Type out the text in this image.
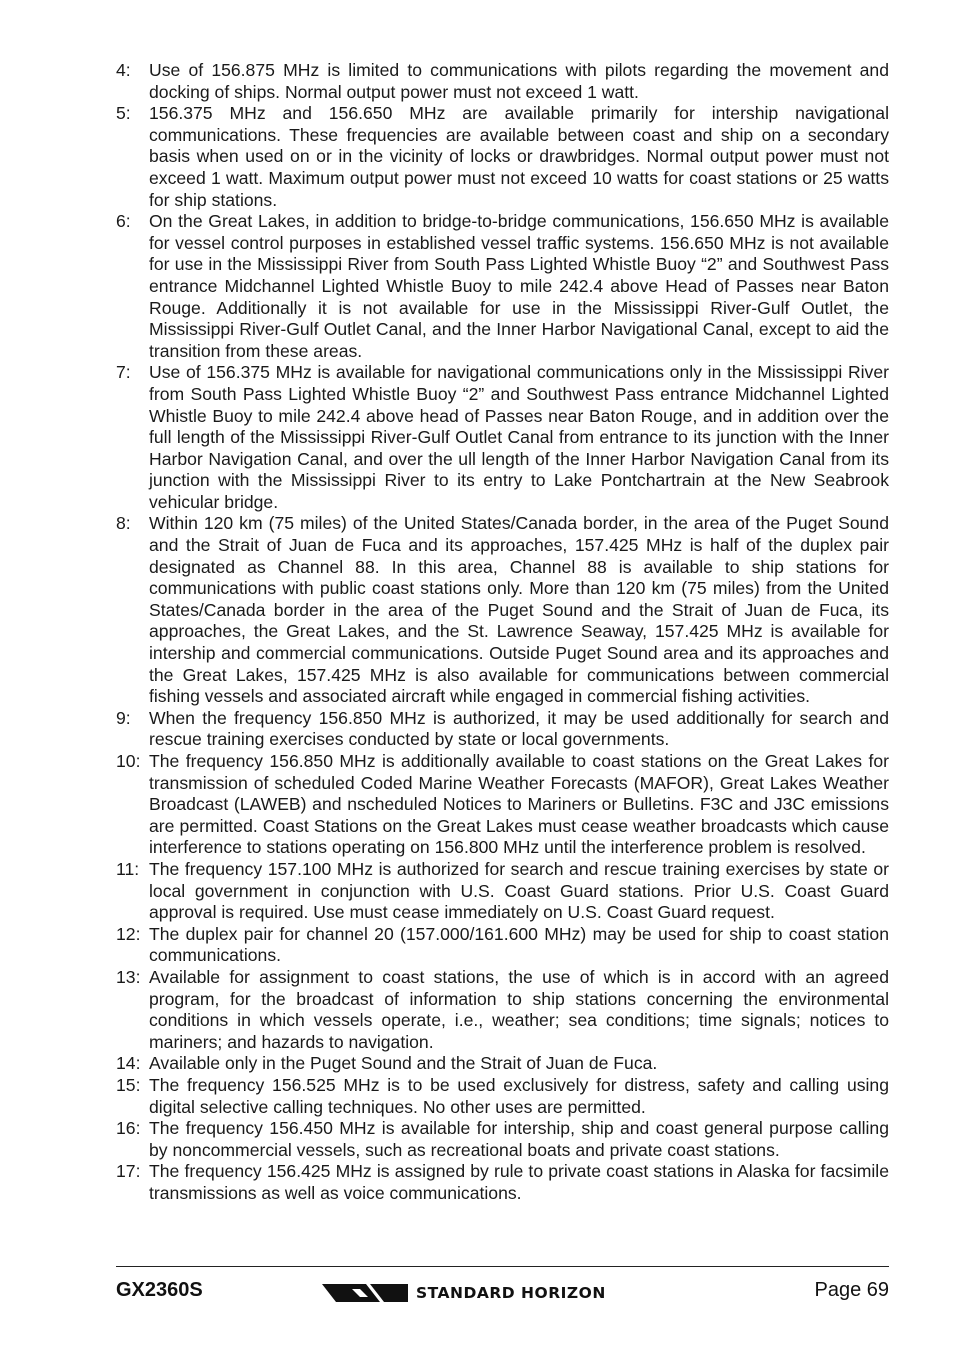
4:	Use of 156.875 MHz is limited to communications with pilots regarding the movement and docking of ships. Normal output power must not exceed 1 watt.
5:	156.375 MHz and 156.650 MHz are available primarily for intership navigational communications. These frequencies are available between coast and ship on a secondary basis when used on or in the vicinity of locks or drawbridges. Normal output power must not exceed 1 watt. Maximum output power must not exceed 10 watts for coast stations or 25 watts for ship stations.
6:	On the Great Lakes, in addition to bridge-to-bridge communications, 156.650 MHz is available for vessel control purposes in established vessel traffic systems. 156.650 MHz is not available for use in the Mississippi River from South Pass Lighted Whistle Buoy “2” and Southwest Pass entrance Midchannel Lighted Whistle Buoy to mile 242.4 above Head of Passes near Baton Rouge. Additionally it is not available for use in the Mississippi River-Gulf Outlet, the Mississippi River-Gulf Outlet Canal, and the Inner Harbor Navigational Canal, except to aid the transition from these areas.
7:	Use of 156.375 MHz is available for navigational communications only in the Mississippi River from South Pass Lighted Whistle Buoy “2” and Southwest Pass entrance Midchannel Lighted Whistle Buoy to mile 242.4 above head of Passes near Baton Rouge, and in addition over the full length of the Mississippi River-Gulf Outlet Canal from entrance to its junction with the Inner Harbor Navigation Canal, and over the ull length of the Inner Harbor Navigation Canal from its junction with the Mississippi River to its entry to Lake Pontchartrain at the New Seabrook vehicular bridge.
8:	Within 120 km (75 miles) of the United States/Canada border, in the area of the Puget Sound and the Strait of Juan de Fuca and its approaches, 157.425 MHz is half of the duplex pair designated as Channel 88. In this area, Channel 88 is available to ship stations for communications with public coast stations only. More than 120 km (75 miles) from the United States/Canada border in the area of the Puget Sound and the Strait of Juan de Fuca, its approaches, the Great Lakes, and the St. Lawrence Seaway, 157.425 MHz is available for intership and commercial communications. Outside Puget Sound area and its approaches and the Great Lakes, 157.425 MHz is also available for communications between commercial fishing vessels and associated aircraft while engaged in commercial fishing activities.
9:	When the frequency 156.850 MHz is authorized, it may be used additionally for search and rescue training exercises conducted by state or local governments.
10: The frequency 156.850 MHz is additionally available to coast stations on the Great Lakes for transmission of scheduled Coded Marine Weather Forecasts (MAFOR), Great Lakes Weather Broadcast (LAWEB) and nscheduled Notices to Mariners or Bulletins. F3C and J3C emissions are permitted. Coast Stations on the Great Lakes must cease weather broadcasts which cause interference to stations operating on 156.800 MHz until the interference problem is resolved.
11: The frequency 157.100 MHz is authorized for search and rescue training exercises by state or local government in conjunction with U.S. Coast Guard stations. Prior U.S. Coast Guard approval is required. Use must cease immediately on U.S. Coast Guard request.
12: The duplex pair for channel 20 (157.000/161.600 MHz) may be used for ship to coast station communications.
13: Available for assignment to coast stations, the use of which is in accord with an agreed program, for the broadcast of information to ship stations concerning the environmental conditions in which vessels operate, i.e., weather; sea conditions; time signals; notices to mariners; and hazards to navigation.
14: Available only in the Puget Sound and the Strait of Juan de Fuca.
15: The frequency 156.525 MHz is to be used exclusively for distress, safety and calling using digital selective calling techniques. No other uses are permitted.
16: The frequency 156.450 MHz is available for intership, ship and coast general purpose calling by noncommercial vessels, such as recreational boats and private coast stations.
17: The frequency 156.425 MHz is assigned by rule to private coast stations in Alaska for facsimile transmissions as well as voice communications.
GX2360S	STANDARD HORIZON	Page 69
